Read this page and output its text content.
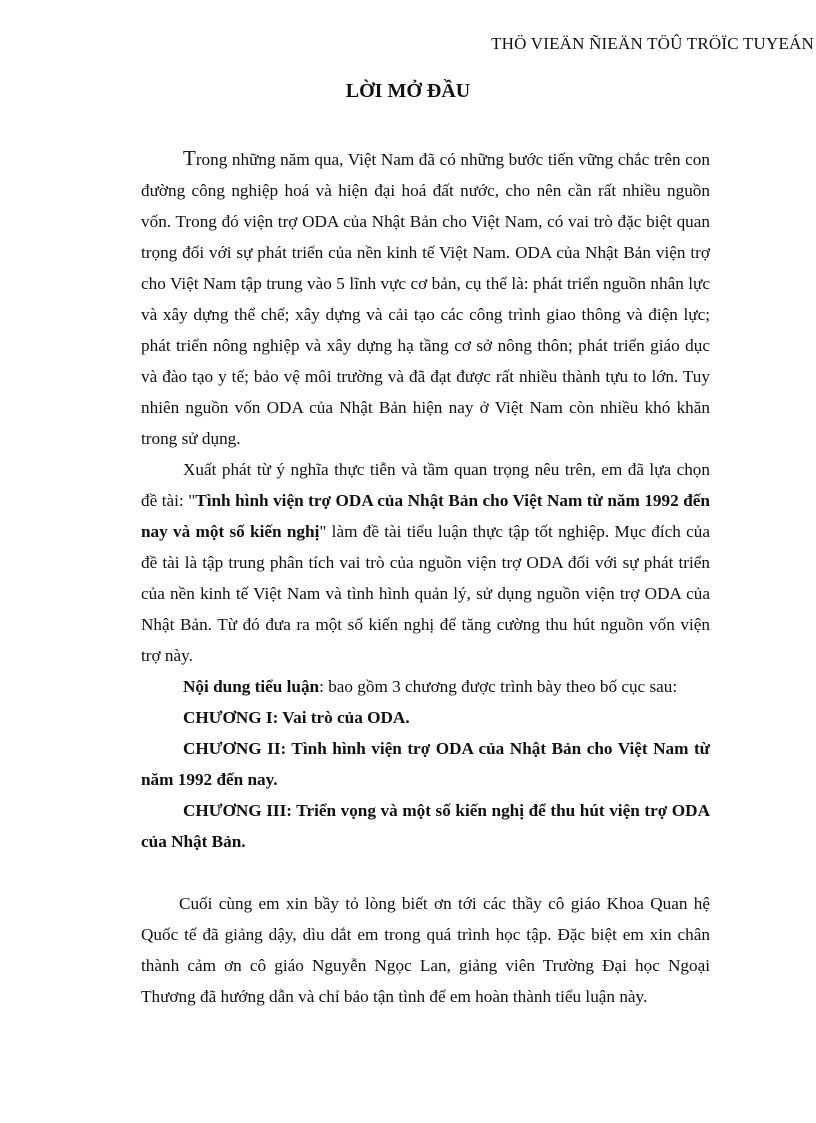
THÖ VIEÄN ÑIEÄN TÖÛ TRÖÏC TUYEÁN
LỜI MỞ ĐẦU

Trong những năm qua, Việt Nam đã có những bước tiến vững chắc trên con đường công nghiệp hoá và hiện đại hoá đất nước, cho nên cần rất nhiều nguồn vốn. Trong đó viện trợ ODA của Nhật Bản cho Việt Nam, có vai trò đặc biệt quan trọng đối với sự phát triển của nền kinh tế Việt Nam. ODA của Nhật Bản viện trợ cho Việt Nam tập trung vào 5 lĩnh vực cơ bản, cụ thể là: phát triển nguồn nhân lực và xây dựng thể chế; xây dựng và cải tạo các công trình giao thông và điện lực; phát triển nông nghiệp và xây dựng hạ tầng cơ sở nông thôn; phát triển giáo dục và đào tạo y tế; bảo vệ môi trường và đã đạt được rất nhiều thành tựu to lớn. Tuy nhiên nguồn vốn ODA của Nhật Bản hiện nay ở Việt Nam còn nhiều khó khăn trong sử dụng.

Xuất phát từ ý nghĩa thực tiễn và tầm quan trọng nêu trên, em đã lựa chọn đề tài: "Tình hình viện trợ ODA của Nhật Bản cho Việt Nam từ năm 1992 đến nay và một số kiến nghị" làm đề tài tiểu luận thực tập tốt nghiệp. Mục đích của đề tài là tập trung phân tích vai trò của nguồn viện trợ ODA đối với sự phát triển của nền kinh tế Việt Nam và tình hình quản lý, sử dụng nguồn viện trợ ODA của Nhật Bản. Từ đó đưa ra một số kiến nghị để tăng cường thu hút nguồn vốn viện trợ này.

Nội dung tiểu luận: bao gồm 3 chương được trình bày theo bố cục sau:

CHƯƠNG I: Vai trò của ODA.

CHƯƠNG II: Tình hình viện trợ ODA của Nhật Bản cho Việt Nam từ năm 1992 đến nay.

CHƯƠNG III: Triển vọng và một số kiến nghị để thu hút viện trợ ODA của Nhật Bản.

Cuối cùng em xin bầy tỏ lòng biết ơn tới các thầy cô giáo Khoa Quan hệ Quốc tế đã giảng dậy, dìu dắt em trong quá trình học tập. Đặc biệt em xin chân thành cảm ơn cô giáo Nguyễn Ngọc Lan, giảng viên Trường Đại học Ngoại Thương đã hướng dẫn và chỉ bảo tận tình để em hoàn thành tiểu luận này.
